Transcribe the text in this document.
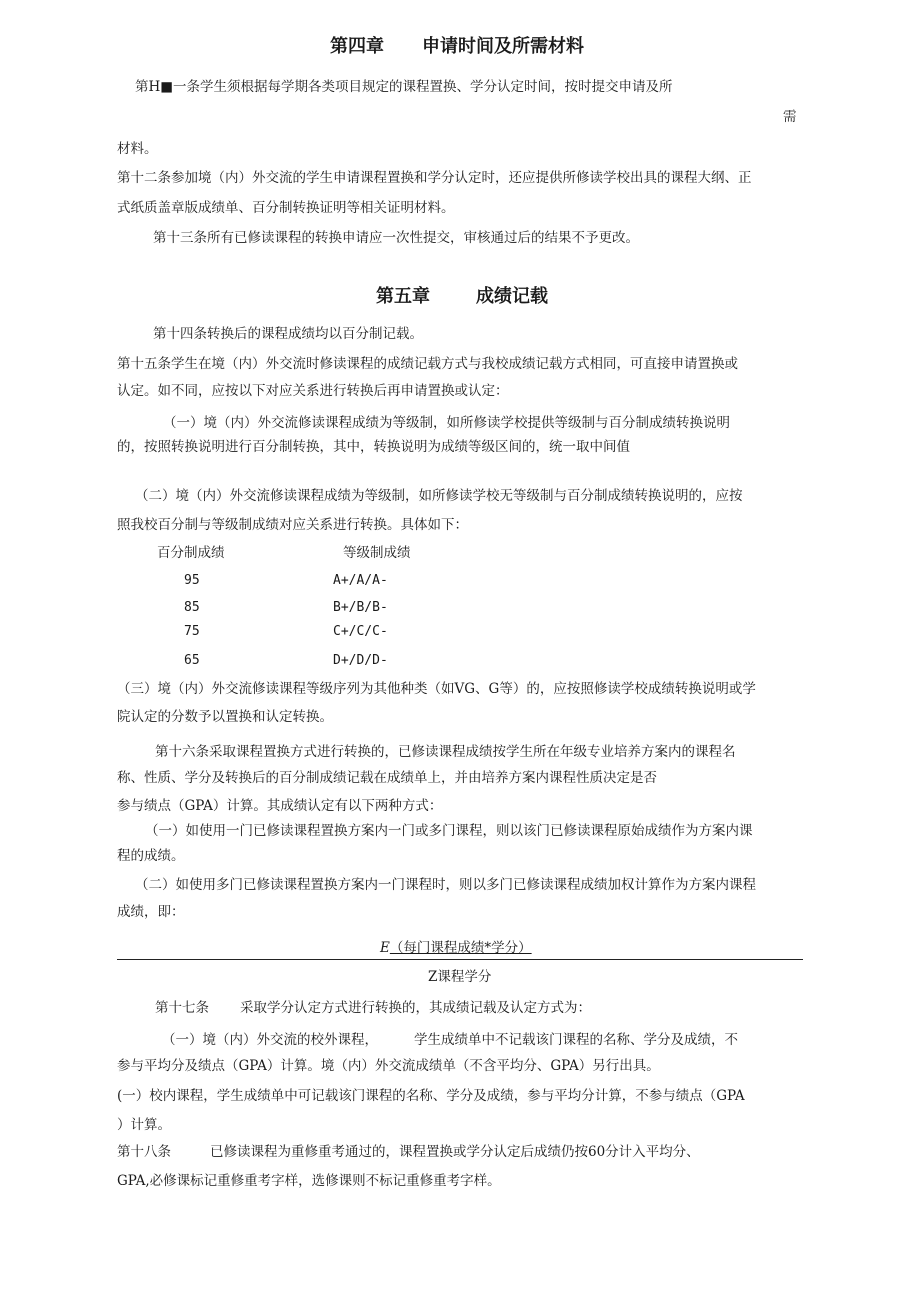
第四章 申请时间及所需材料
第H■一条学生须根据每学期各类项目规定的课程置换、学分认定时间，按时提交申请及所
需
材料。
第十二条参加境（内）外交流的学生申请课程置换和学分认定时，还应提供所修读学校出具的课程大纲、正
式纸质盖章版成绩单、百分制转换证明等相关证明材料。
第十三条所有已修读课程的转换申请应一次性提交，审核通过后的结果不予更改。
第五章	成绩记载
第十四条转换后的课程成绩均以百分制记载。
第十五条学生在境（内）外交流时修读课程的成绩记载方式与我校成绩记载方式相同，可直接申请置换或
认定。如不同，应按以下对应关系进行转换后再申请置换或认定：
（一）境（内）外交流修读课程成绩为等级制，如所修读学校提供等级制与百分制成绩转换说明
的，按照转换说明进行百分制转换，其中，转换说明为成绩等级区间的，统一取中间值
（二）境（内）外交流修读课程成绩为等级制，如所修读学校无等级制与百分制成绩转换说明的，应按
照我校百分制与等级制成绩对应关系进行转换。具体如下：
百分制成绩	等级制成绩
95	A+/A/A-
85	B+/B/B-
75	C+/C/C-
65	D+/D/D-
（三）境（内）外交流修读课程等级序列为其他种类（如VG、G等）的，应按照修读学校成绩转换说明或学
院认定的分数予以置换和认定转换。
第十六条采取课程置换方式进行转换的，已修读课程成绩按学生所在年级专业培养方案内的课程名
称、性质、学分及转换后的百分制成绩记载在成绩单上，并由培养方案内课程性质决定是否
参与绩点（GPA）计算。其成绩认定有以下两种方式：
（一）如使用一门已修读课程置换方案内一门或多门课程，则以该门已修读课程原始成绩作为方案内课
程的成绩。
（二）如使用多门已修读课程置换方案内一门课程时，则以多门已修读课程成绩加权计算作为方案内课程
成绩，即：
E（每门课程成绩*学分）
Z课程学分
第十七条 采取学分认定方式进行转换的，其成绩记载及认定方式为：
（一）境（内）外交流的校外课程，	学生成绩单中不记载该门课程的名称、学分及成绩，不
参与平均分及绩点（GPA）计算。境（内）外交流成绩单（不含平均分、GPA）另行出具。
(一）校内课程，学生成绩单中可记载该门课程的名称、学分及成绩，参与平均分计算，不参与绩点（GPA
）计算。
第十八条	已修读课程为重修重考通过的，课程置换或学分认定后成绩仍按60分计入平均分、
GPA,必修课标记重修重考字样，选修课则不标记重修重考字样。
